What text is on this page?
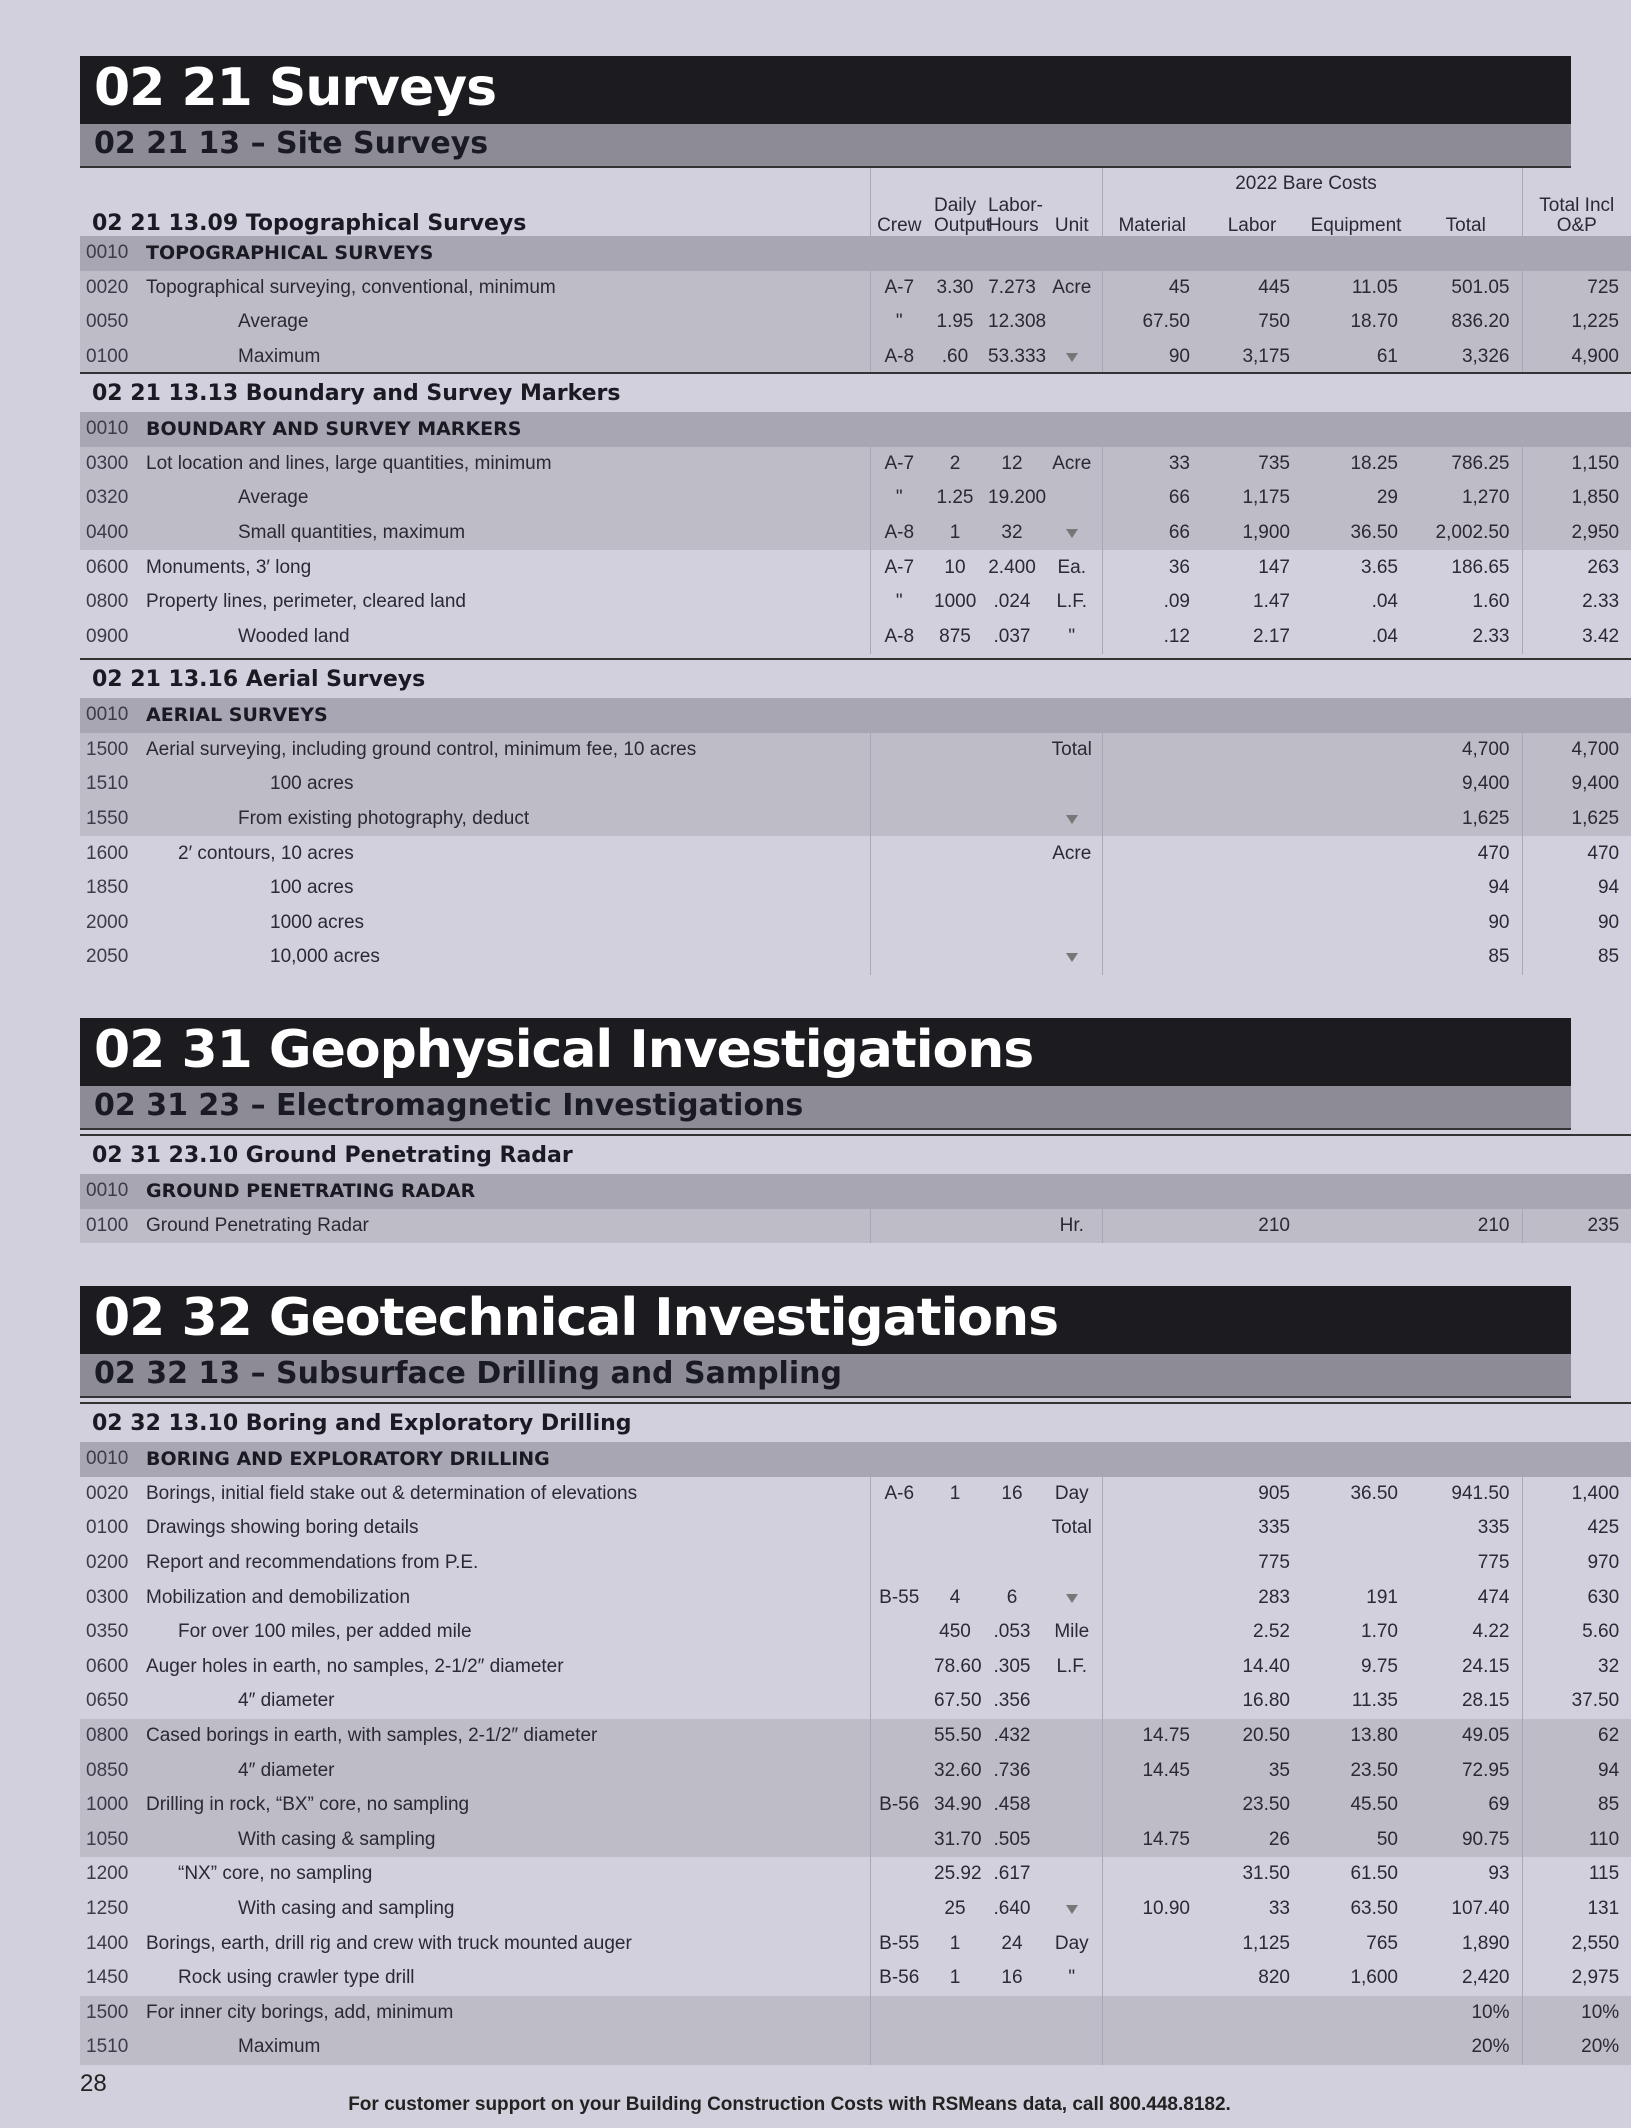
02 21 Surveys
02 21 13 – Site Surveys
02 21 13.09 Topographical Surveys	Crew	Daily Output	Labor- Hours	Unit	Material	
2022 Bare Costs
Labor	Equipment	Total	Total Incl O&P
0010	TOPOGRAPHICAL SURVEYS									
0020	Topographical surveying, conventional, minimum	A-7	3.30	7.273	Acre	45	445	11.05	501.05	725
0050	Average	"	1.95	12.308		67.50	750	18.70	836.20	1,225
0100	Maximum	A-8	.60	53.333		90	3,175	61	3,326	4,900
02 21 13.13 Boundary and Survey Markers										
0010	BOUNDARY AND SURVEY MARKERS									
0300	Lot location and lines, large quantities, minimum	A-7	2	12	Acre	33	735	18.25	786.25	1,150
0320	Average	"	1.25	19.200		66	1,175	29	1,270	1,850
0400	Small quantities, maximum	A-8	1	32		66	1,900	36.50	2,002.50	2,950
0600	Monuments, 3′ long	A-7	10	2.400	Ea.	36	147	3.65	186.65	263
0800	Property lines, perimeter, cleared land	"	1000	.024	L.F.	.09	1.47	.04	1.60	2.33
0900	Wooded land	A-8	875	.037	"	.12	2.17	.04	2.33	3.42
02 21 13.16 Aerial Surveys										
0010	AERIAL SURVEYS									
1500	Aerial surveying, including ground control, minimum fee, 10 acres				Total				4,700	4,700
1510	100 acres								9,400	9,400
1550	From existing photography, deduct								1,625	1,625
1600	2′ contours, 10 acres				Acre				470	470
1850	100 acres								94	94
2000	1000 acres								90	90
2050	10,000 acres								85	85
02 31 23.10 Ground Penetrating Radar										
0010	GROUND PENETRATING RADAR									
0100	Ground Penetrating Radar				Hr.		210		210	235
02 32 13.10 Boring and Exploratory Drilling										
0010	BORING AND EXPLORATORY DRILLING									
0020	Borings, initial field stake out & determination of elevations	A-6	1	16	Day		905	36.50	941.50	1,400
0100	Drawings showing boring details				Total		335		335	425
0200	Report and recommendations from P.E.						775		775	970
0300	Mobilization and demobilization	B-55	4	6			283	191	474	630
0350	For over 100 miles, per added mile		450	.053	Mile		2.52	1.70	4.22	5.60
0600	Auger holes in earth, no samples, 2-1/2″ diameter		78.60	.305	L.F.		14.40	9.75	24.15	32
0650	4″ diameter		67.50	.356			16.80	11.35	28.15	37.50
0800	Cased borings in earth, with samples, 2-1/2″ diameter		55.50	.432		14.75	20.50	13.80	49.05	62
0850	4″ diameter		32.60	.736		14.45	35	23.50	72.95	94
1000	Drilling in rock, “BX” core, no sampling	B-56	34.90	.458			23.50	45.50	69	85
1050	With casing & sampling		31.70	.505		14.75	26	50	90.75	110
1200	“NX” core, no sampling		25.92	.617			31.50	61.50	93	115
1250	With casing and sampling		25	.640		10.90	33	63.50	107.40	131
1400	Borings, earth, drill rig and crew with truck mounted auger	B-55	1	24	Day		1,125	765	1,890	2,550
1450	Rock using crawler type drill	B-56	1	16	"		820	1,600	2,420	2,975
1500	For inner city borings, add, minimum								10%	10%
1510	Maximum								20%	20%
02 31 Geophysical Investigations
02 31 23 – Electromagnetic Investigations
02 32 Geotechnical Investigations
02 32 13 – Subsurface Drilling and Sampling
28
For customer support on your Building Construction Costs with RSMeans data, call 800.448.8182.
